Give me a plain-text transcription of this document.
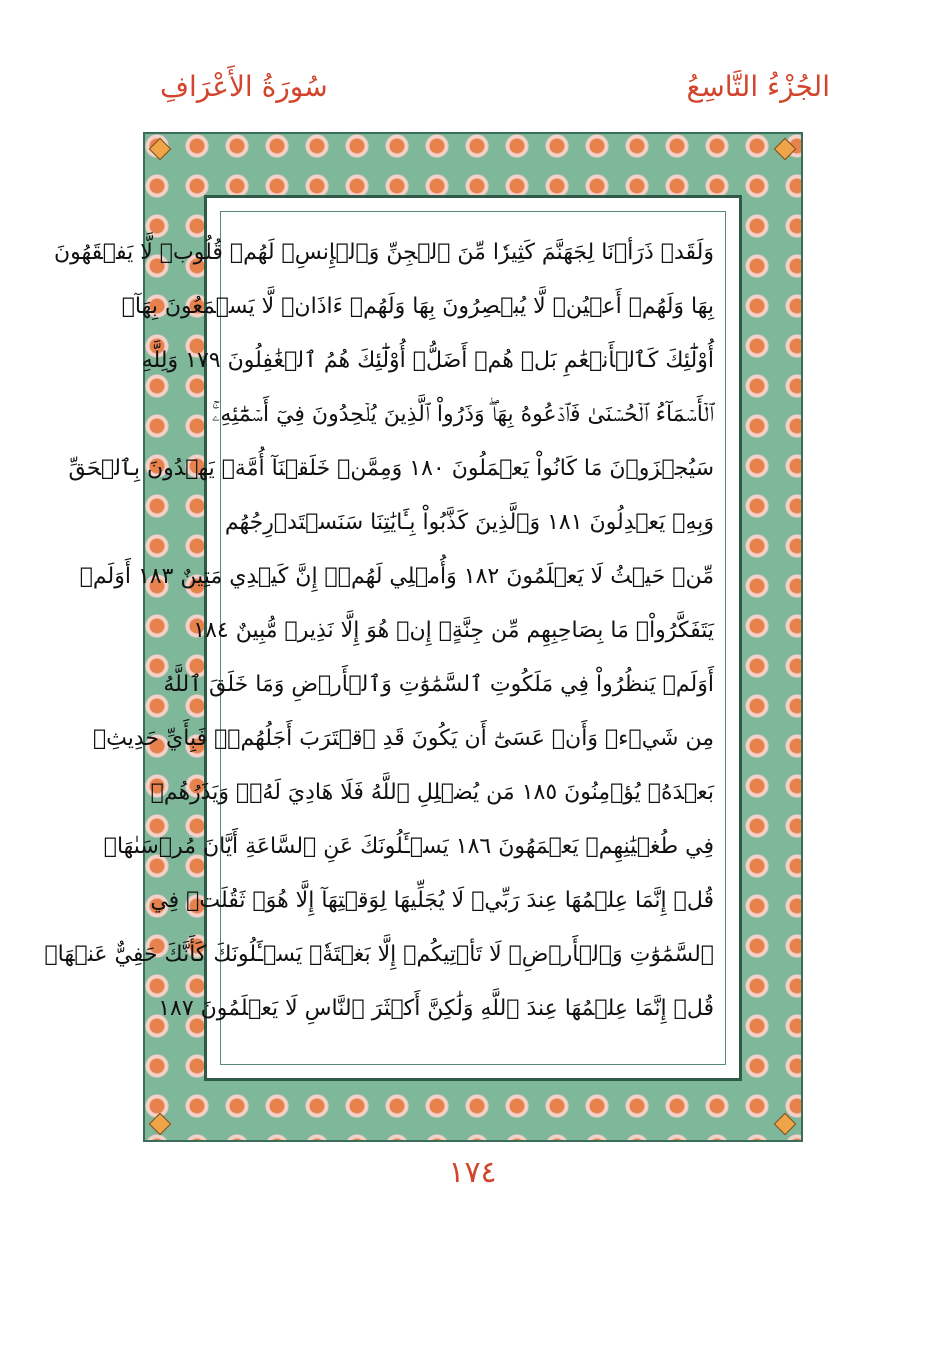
الجُزْءُ التَّاسِعُ
سُورَةُ الأَعْرَافِ
وَلَقَدۡ ذَرَأۡنَا لِجَهَنَّمَ كَثِيرٗا مِّنَ ٱلۡجِنِّ وَٱلۡإِنسِۖ لَهُمۡ قُلُوبٞ لَّا يَفۡقَهُونَ
بِهَا وَلَهُمۡ أَعۡيُنٞ لَّا يُبۡصِرُونَ بِهَا وَلَهُمۡ ءَاذَانٞ لَّا يَسۡمَعُونَ بِهَآۚ
أُوْلَٰٓئِكَ كَٱلۡأَنۡعَٰمِ بَلۡ هُمۡ أَضَلُّۚ أُوْلَٰٓئِكَ هُمُ ٱلۡغَٰفِلُونَ ١٧٩ وَلِلَّهِ
ٱلۡأَسۡمَآءُ ٱلۡحُسۡنَىٰ فَٱدۡعُوهُ بِهَاۖ وَذَرُواْ ٱلَّذِينَ يُلۡحِدُونَ فِيٓ أَسۡمَٰٓئِهِۦۚ
سَيُجۡزَوۡنَ مَا كَانُواْ يَعۡمَلُونَ ١٨٠ وَمِمَّنۡ خَلَقۡنَآ أُمَّةٞ يَهۡدُونَ بِٱلۡحَقِّ
وَبِهِۦ يَعۡدِلُونَ ١٨١ وَٱلَّذِينَ كَذَّبُواْ بِـَٔايَٰتِنَا سَنَسۡتَدۡرِجُهُم
مِّنۡ حَيۡثُ لَا يَعۡلَمُونَ ١٨٢ وَأُمۡلِي لَهُمۡۚ إِنَّ كَيۡدِي مَتِينٌ ١٨٣ أَوَلَمۡ
يَتَفَكَّرُواْۗ مَا بِصَاحِبِهِم مِّن جِنَّةٍۚ إِنۡ هُوَ إِلَّا نَذِيرٞ مُّبِينٌ ١٨٤
أَوَلَمۡ يَنظُرُواْ فِي مَلَكُوتِ ٱلسَّمَٰوَٰتِ وَٱلۡأَرۡضِ وَمَا خَلَقَ ٱللَّهُ
مِن شَيۡءٖ وَأَنۡ عَسَىٰٓ أَن يَكُونَ قَدِ ٱقۡتَرَبَ أَجَلُهُمۡۖ فَبِأَيِّ حَدِيثِۭ
بَعۡدَهُۥ يُؤۡمِنُونَ ١٨٥ مَن يُضۡلِلِ ٱللَّهُ فَلَا هَادِيَ لَهُۥۚ وَيَذَرُهُمۡ
فِي طُغۡيَٰنِهِمۡ يَعۡمَهُونَ ١٨٦ يَسۡـَٔلُونَكَ عَنِ ٱلسَّاعَةِ أَيَّانَ مُرۡسَىٰهَاۖ
قُلۡ إِنَّمَا عِلۡمُهَا عِندَ رَبِّيۖ لَا يُجَلِّيهَا لِوَقۡتِهَآ إِلَّا هُوَۚ ثَقُلَتۡ فِي
ٱلسَّمَٰوَٰتِ وَٱلۡأَرۡضِۚ لَا تَأۡتِيكُمۡ إِلَّا بَغۡتَةٗۗ يَسۡـَٔلُونَكَ كَأَنَّكَ حَفِيٌّ عَنۡهَاۖ
قُلۡ إِنَّمَا عِلۡمُهَا عِندَ ٱللَّهِ وَلَٰكِنَّ أَكۡثَرَ ٱلنَّاسِ لَا يَعۡلَمُونَ ١٨٧
١٧٤
